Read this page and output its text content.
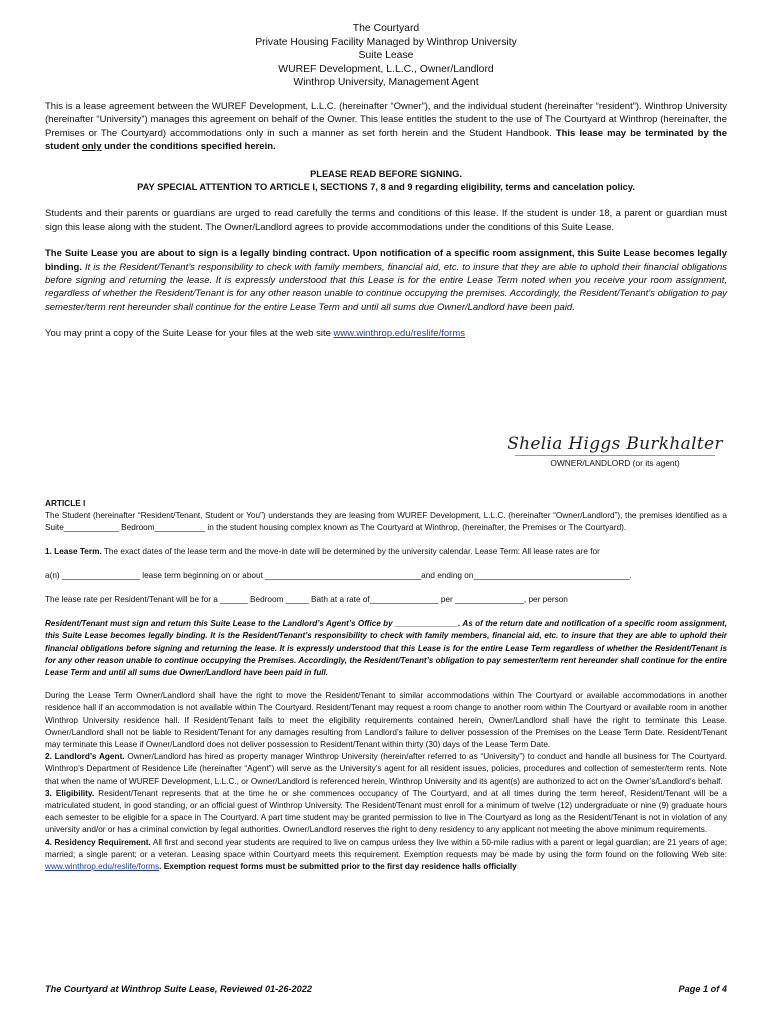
The Courtyard
Private Housing Facility Managed by Winthrop University
Suite Lease
WUREF Development, L.L.C., Owner/Landlord
Winthrop University, Management Agent

This is a lease agreement between the WUREF Development, L.L.C. (hereinafter “Owner”), and the individual student (hereinafter “resident”). Winthrop University (hereinafter “University”) manages this agreement on behalf of the Owner. This lease entitles the student to the use of The Courtyard at Winthrop (hereinafter, the Premises or The Courtyard) accommodations only in such a manner as set forth herein and the Student Handbook. This lease may be terminated by the student only under the conditions specified herein.

PLEASE READ BEFORE SIGNING.
PAY SPECIAL ATTENTION TO ARTICLE I, SECTIONS 7, 8 and 9 regarding eligibility, terms and cancelation policy.

Students and their parents or guardians are urged to read carefully the terms and conditions of this lease. If the student is under 18, a parent or guardian must sign this lease along with the student. The Owner/Landlord agrees to provide accommodations under the conditions of this Suite Lease.

The Suite Lease you are about to sign is a legally binding contract. Upon notification of a specific room assignment, this Suite Lease becomes legally binding. It is the Resident/Tenant’s responsibility to check with family members, financial aid, etc. to insure that they are able to uphold their financial obligations before signing and returning the lease. It is expressly understood that this Lease is for the entire Lease Term noted when you receive your room assignment, regardless of whether the Resident/Tenant is for any other reason unable to continue occupying the premises. Accordingly, the Resident/Tenant’s obligation to pay semester/term rent hereunder shall continue for the entire Lease Term and until all sums due Owner/Landlord have been paid.

You may print a copy of the Suite Lease for your files at the web site www.winthrop.edu/reslife/forms

Shelia Higgs Burkhalter
OWNER/LANDLORD (or its agent)
ARTICLE I

The Student (hereinafter “Resident/Tenant, Student or You”) understands they are leasing from WUREF Development, L.L.C. (hereinafter “Owner/Landlord”), the premises identified as a Suite____________ Bedroom___________ in the student housing complex known as The Courtyard at Winthrop, (hereinafter, the Premises or The Courtyard).

1. Lease Term. The exact dates of the lease term and the move-in date will be determined by the university calendar. Lease Term: All lease rates are for

a(n) _________________ lease term beginning on or about __________________________________and ending on__________________________________.

The lease rate per Resident/Tenant will be for a ______ Bedroom _____ Bath at a rate of_______________ per _______________, per person

Resident/Tenant must sign and return this Suite Lease to the Landlord’s Agent’s Office by ______________. As of the return date and notification of a specific room assignment, this Suite Lease becomes legally binding. It is the Resident/Tenant’s responsibility to check with family members, financial aid, etc. to insure that they are able to uphold their financial obligations before signing and returning the lease. It is expressly understood that this Lease is for the entire Lease Term regardless of whether the Resident/Tenant is for any other reason unable to continue occupying the Premises. Accordingly, the Resident/Tenant’s obligation to pay semester/term rent hereunder shall continue for the entire Lease Term and until all sums due Owner/Landlord have been paid in full.

During the Lease Term Owner/Landlord shall have the right to move the Resident/Tenant to similar accommodations within The Courtyard or available accommodations in another residence hall if an accommodation is not available within The Courtyard. Resident/Tenant may request a room change to another room within The Courtyard or available room in another Winthrop University residence hall. If Resident/Tenant fails to meet the eligibility requirements contained herein, Owner/Landlord shall have the right to terminate this Lease. Owner/Landlord shall not be liable to Resident/Tenant for any damages resulting from Landlord’s failure to deliver possession of the Premises on the Lease Term Date. Resident/Tenant may terminate this Lease if Owner/Landlord does not deliver possession to Resident/Tenant within thirty (30) days of the Lease Term Date.

2. Landlord’s Agent. Owner/Landlord has hired as property manager Winthrop University (herein/after referred to as “University”) to conduct and handle all business for The Courtyard. Winthrop’s Department of Residence Life (hereinafter “Agent”) will serve as the University’s agent for all resident issues, policies, procedures and collection of semester/term rents. Note that when the name of WUREF Development, L.L.C., or Owner/Landlord is referenced herein, Winthrop University and its agent(s) are authorized to act on the Owner’s/Landlord’s behalf.

3. Eligibility. Resident/Tenant represents that at the time he or she commences occupancy of The Courtyard, and at all times during the term hereof, Resident/Tenant will be a matriculated student, in good standing, or an official guest of Winthrop University. The Resident/Tenant must enroll for a minimum of twelve (12) undergraduate or nine (9) graduate hours each semester to be eligible for a space in The Courtyard. A part time student may be granted permission to live in The Courtyard as long as the Resident/Tenant is not in violation of any university and/or or has a criminal conviction by legal authorities. Owner/Landlord reserves the right to deny residency to any applicant not meeting the above minimum requirements.

4. Residency Requirement. All first and second year students are required to live on campus unless they live within a 50-mile radius with a parent or legal guardian; are 21 years of age; married; a single parent; or a veteran. Leasing space within Courtyard meets this requirement. Exemption requests may be made by using the form found on the following Web site: www.winthrop.edu/reslife/forms. Exemption request forms must be submitted prior to the first day residence halls officially

The Courtyard at Winthrop Suite Lease, Reviewed 01-26-2022	Page 1 of 4
